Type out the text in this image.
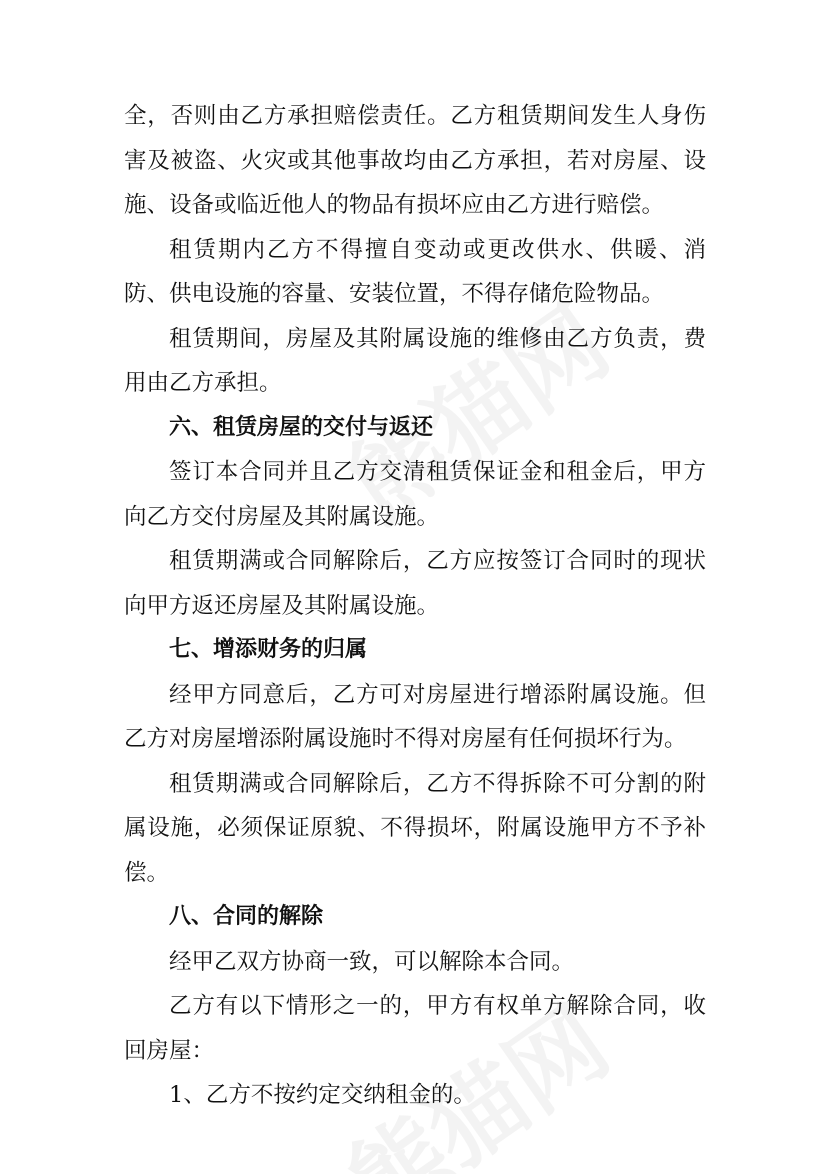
全，否则由乙方承担赔偿责任。乙方租赁期间发生人身伤害及被盗、火灾或其他事故均由乙方承担，若对房屋、设施、设备或临近他人的物品有损坏应由乙方进行赔偿。

租赁期内乙方不得擅自变动或更改供水、供暖、消防、供电设施的容量、安装位置，不得存储危险物品。

租赁期间，房屋及其附属设施的维修由乙方负责，费用由乙方承担。

六、租赁房屋的交付与返还

签订本合同并且乙方交清租赁保证金和租金后，甲方向乙方交付房屋及其附属设施。

租赁期满或合同解除后，乙方应按签订合同时的现状向甲方返还房屋及其附属设施。

七、增添财务的归属

经甲方同意后，乙方可对房屋进行增添附属设施。但乙方对房屋增添附属设施时不得对房屋有任何损坏行为。

租赁期满或合同解除后，乙方不得拆除不可分割的附属设施，必须保证原貌、不得损坏，附属设施甲方不予补偿。

八、合同的解除

经甲乙双方协商一致，可以解除本合同。

乙方有以下情形之一的，甲方有权单方解除合同，收回房屋：

1、乙方不按约定交纳租金的。
